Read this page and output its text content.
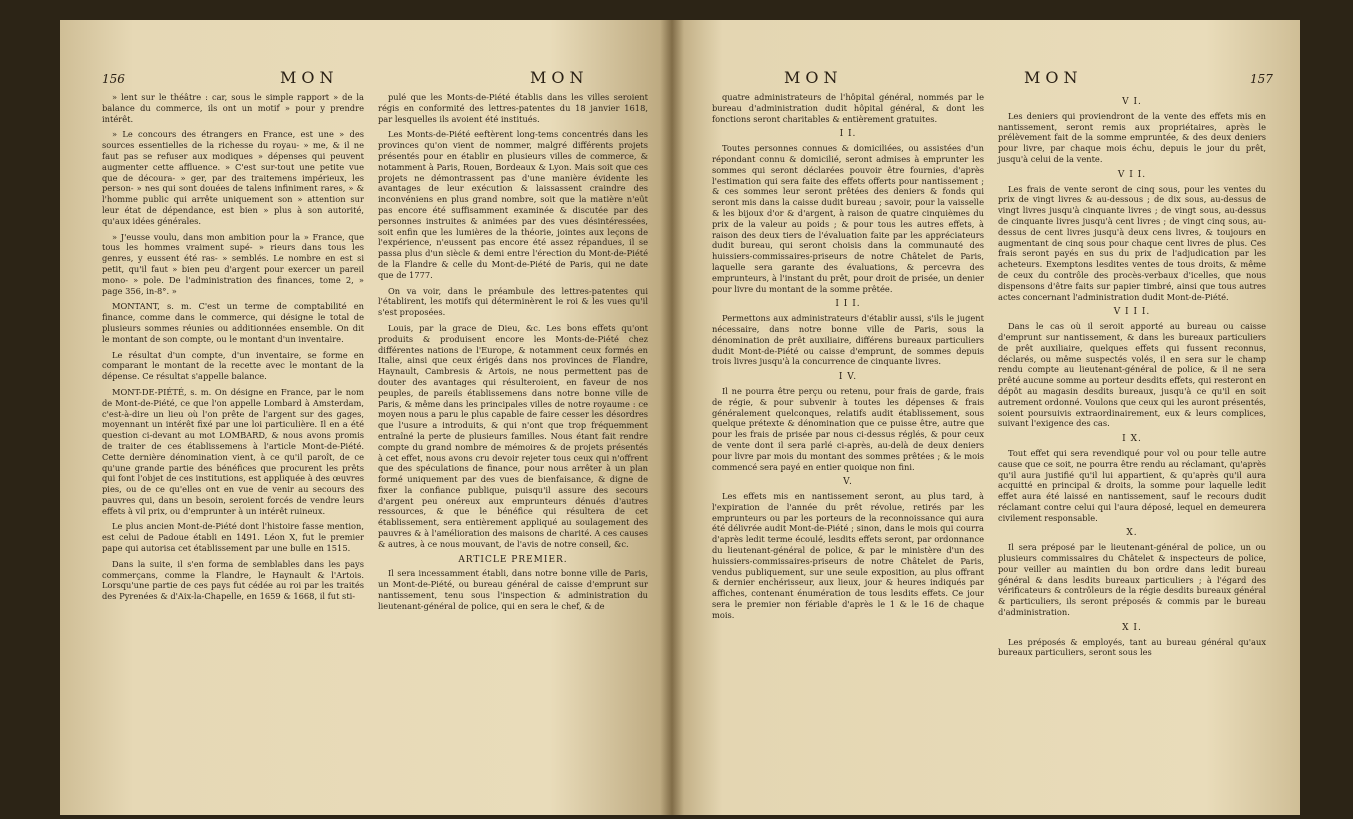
156	MON	MON

» lent sur le théâtre : car, sous le simple rapport » de la balance du commerce, ils ont un motif » pour y prendre intérêt.

» Le concours des étrangers en France, est une » des sources essentielles de la richesse du royau- » me, & il ne faut pas se refuser aux modiques » dépenses qui peuvent augmenter cette affluence. » C'est sur-tout une petite vue que de découra- » ger, par des traitemens impérieux, les person- » nes qui sont douées de talens infiniment rares, » & l'homme public qui arrête uniquement son » attention sur leur état de dépendance, est bien » plus à son autorité, qu'aux idées générales.

» J'eusse voulu, dans mon ambition pour la » France, que tous les hommes vraiment supé- » rieurs dans tous les genres, y eussent été ras- » semblés. Le nombre en est si petit, qu'il faut » bien peu d'argent pour exercer un pareil mono- » pole. De l'administration des finances, tome 2, » page 356, in-8°. »

MONTANT, s. m. C'est un terme de comptabilité en finance, comme dans le commerce, qui désigne le total de plusieurs sommes réunies ou additionnées ensemble. On dit le montant de son compte, ou le montant d'un inventaire.

Le résultat d'un compte, d'un inventaire, se forme en comparant le montant de la recette avec le montant de la dépense. Ce résultat s'appelle balance.

MONT-DE-PIÉTÉ, s. m. On désigne en France, par le nom de Mont-de-Piété, ce que l'on appelle Lombard à Amsterdam, c'est-à-dire un lieu où l'on prête de l'argent sur des gages, moyennant un intérêt fixé par une loi particulière. Il en a été question ci-devant au mot LOMBARD, & nous avons promis de traiter de ces établissemens à l'article Mont-de-Piété. Cette dernière dénomination vient, à ce qu'il paroît, de ce qu'une grande partie des bénéfices que procurent les prêts qui font l'objet de ces institutions, est appliquée à des œuvres pies, ou de ce qu'elles ont en vue de venir au secours des pauvres qui, dans un besoin, seroient forcés de vendre leurs effets à vil prix, ou d'emprunter à un intérêt ruineux.

Le plus ancien Mont-de-Piété dont l'histoire fasse mention, est celui de Padoue établi en 1491. Léon X, fut le premier pape qui autorisa cet établissement par une bulle en 1515.

Dans la suite, il s'en forma de semblables dans les pays commerçans, comme la Flandre, le Haynault & l'Artois. Lorsqu'une partie de ces pays fut cédée au roi par les traités des Pyrenées & d'Aix-la-Chapelle, en 1659 & 1668, il fut sti-

pulé que les Monts-de-Piété établis dans les villes seroient régis en conformité des lettres-patentes du 18 janvier 1618, par lesquelles ils avoient été institués.

Les Monts-de-Piété eeftèrent long-tems concentrés dans les provinces qu'on vient de nommer, malgré différents projets présentés pour en établir en plusieurs villes de commerce, & notamment à Paris, Rouen, Bordeaux & Lyon. Mais soit que ces projets ne démontrassent pas d'une manière évidente les avantages de leur exécution & laissassent craindre des inconvéniens en plus grand nombre, soit que la matière n'eût pas encore été suffisamment examinée & discutée par des personnes instruites & animées par des vues désintéressées, soit enfin que les lumières de la théorie, jointes aux leçons de l'expérience, n'eussent pas encore été assez répandues, il se passa plus d'un siècle & demi entre l'érection du Mont-de-Piété de la Flandre & celle du Mont-de-Piété de Paris, qui ne date que de 1777.

On va voir, dans le préambule des lettres-patentes qui l'établirent, les motifs qui déterminèrent le roi & les vues qu'il s'est proposées.

Louis, par la grace de Dieu, &c. Les bons effets qu'ont produits & produisent encore les Monts-de-Piété chez différentes nations de l'Europe, & notamment ceux formés en Italie, ainsi que ceux érigés dans nos provinces de Flandre, Haynault, Cambresis & Artois, ne nous permettent pas de douter des avantages qui résulteroient, en faveur de nos peuples, de pareils établissemens dans notre bonne ville de Paris, & même dans les principales villes de notre royaume : ce moyen nous a paru le plus capable de faire cesser les désordres que l'usure a introduits, & qui n'ont que trop fréquemment entraîné la perte de plusieurs familles. Nous étant fait rendre compte du grand nombre de mémoires & de projets présentés à cet effet, nous avons cru devoir rejeter tous ceux qui n'offrent que des spéculations de finance, pour nous arrêter à un plan formé uniquement par des vues de bienfaisance, & digne de fixer la confiance publique, puisqu'il assure des secours d'argent peu onéreux aux emprunteurs dénués d'autres ressources, & que le bénéfice qui résultera de cet établissement, sera entièrement appliqué au soulagement des pauvres & à l'amélioration des maisons de charité. A ces causes & autres, à ce nous mouvant, de l'avis de notre conseil, &c.

ARTICLE PREMIER.

Il sera incessamment établi, dans notre bonne ville de Paris, un Mont-de-Piété, ou bureau général de caisse d'emprunt sur nantissement, tenu sous l'inspection & administration du lieutenant-général de police, qui en sera le chef, & de

MON	MON	157

quatre administrateurs de l'hôpital général, nommés par le bureau d'administration dudit hôpital général, & dont les fonctions seront charitables & entièrement gratuites.

I I.

Toutes personnes connues & domiciliées, ou assistées d'un répondant connu & domicilié, seront admises à emprunter les sommes qui seront déclarées pouvoir être fournies, d'après l'estimation qui sera faite des effets offerts pour nantissement ; & ces sommes leur seront prêtées des deniers & fonds qui seront mis dans la caisse dudit bureau ; savoir, pour la vaisselle & les bijoux d'or & d'argent, à raison de quatre cinquièmes du prix de la valeur au poids ; & pour tous les autres effets, à raison des deux tiers de l'évaluation faite par les appréciateurs dudit bureau, qui seront choisis dans la communauté des huissiers-commissaires-priseurs de notre Châtelet de Paris, laquelle sera garante des évaluations, & percevra des emprunteurs, à l'instant du prêt, pour droit de prisée, un denier pour livre du montant de la somme prêtée.

I I I.

Permettons aux administrateurs d'établir aussi, s'ils le jugent nécessaire, dans notre bonne ville de Paris, sous la dénomination de prêt auxiliaire, différens bureaux particuliers dudit Mont-de-Piété ou caisse d'emprunt, de sommes depuis trois livres jusqu'à la concurrence de cinquante livres.

I V.

Il ne pourra être perçu ou retenu, pour frais de garde, frais de régie, & pour subvenir à toutes les dépenses & frais généralement quelconques, relatifs audit établissement, sous quelque prétexte & dénomination que ce puisse être, autre que pour les frais de prisée par nous ci-dessus réglés, & pour ceux de vente dont il sera parlé ci-après, au-delà de deux deniers pour livre par mois du montant des sommes prêtées ; & le mois commencé sera payé en entier quoique non fini.

V.

Les effets mis en nantissement seront, au plus tard, à l'expiration de l'année du prêt révolue, retirés par les emprunteurs ou par les porteurs de la reconnoissance qui aura été délivrée audit Mont-de-Piété ; sinon, dans le mois qui courra d'après ledit terme écoulé, lesdits effets seront, par ordonnance du lieutenant-général de police, & par le ministère d'un des huissiers-commissaires-priseurs de notre Châtelet de Paris, vendus publiquement, sur une seule exposition, au plus offrant & dernier enchérisseur, aux lieux, jour & heures indiqués par affiches, contenant énumération de tous lesdits effets. Ce jour sera le premier non fériable d'après le 1 & le 16 de chaque mois.

V I.

Les deniers qui proviendront de la vente des effets mis en nantissement, seront remis aux propriétaires, après le prélèvement fait de la somme empruntée, & des deux deniers pour livre, par chaque mois échu, depuis le jour du prêt, jusqu'à celui de la vente.

V I I.

Les frais de vente seront de cinq sous, pour les ventes du prix de vingt livres & au-dessous ; de dix sous, au-dessus de vingt livres jusqu'à cinquante livres ; de vingt sous, au-dessus de cinquante livres jusqu'à cent livres ; de vingt cinq sous, au-dessus de cent livres jusqu'à deux cens livres, & toujours en augmentant de cinq sous pour chaque cent livres de plus. Ces frais seront payés en sus du prix de l'adjudication par les acheteurs. Exemptons lesdites ventes de tous droits, & même de ceux du contrôle des procès-verbaux d'icelles, que nous dispensons d'être faits sur papier timbré, ainsi que tous autres actes concernant l'administration dudit Mont-de-Piété.

V I I I.

Dans le cas où il seroit apporté au bureau ou caisse d'emprunt sur nantissement, & dans les bureaux particuliers de prêt auxiliaire, quelques effets qui fussent reconnus, déclarés, ou même suspectés volés, il en sera sur le champ rendu compte au lieutenant-général de police, & il ne sera prêté aucune somme au porteur desdits effets, qui resteront en dépôt au magasin desdits bureaux, jusqu'à ce qu'il en soit autrement ordonné. Voulons que ceux qui les auront présentés, soient poursuivis extraordinairement, eux & leurs complices, suivant l'exigence des cas.

I X.

Tout effet qui sera revendiqué pour vol ou pour telle autre cause que ce soit, ne pourra être rendu au réclamant, qu'après qu'il aura justifié qu'il lui appartient, & qu'après qu'il aura acquitté en principal & droits, la somme pour laquelle ledit effet aura été laissé en nantissement, sauf le recours dudit réclamant contre celui qui l'aura déposé, lequel en demeurera civilement responsable.

X.

Il sera préposé par le lieutenant-général de police, un ou plusieurs commissaires du Châtelet & inspecteurs de police, pour veiller au maintien du bon ordre dans ledit bureau général & dans lesdits bureaux particuliers ; à l'égard des vérificateurs & contrôleurs de la régie desdits bureaux général & particuliers, ils seront préposés & commis par le bureau d'administration.

X I.

Les préposés & employés, tant au bureau général qu'aux bureaux particuliers, seront sous les
